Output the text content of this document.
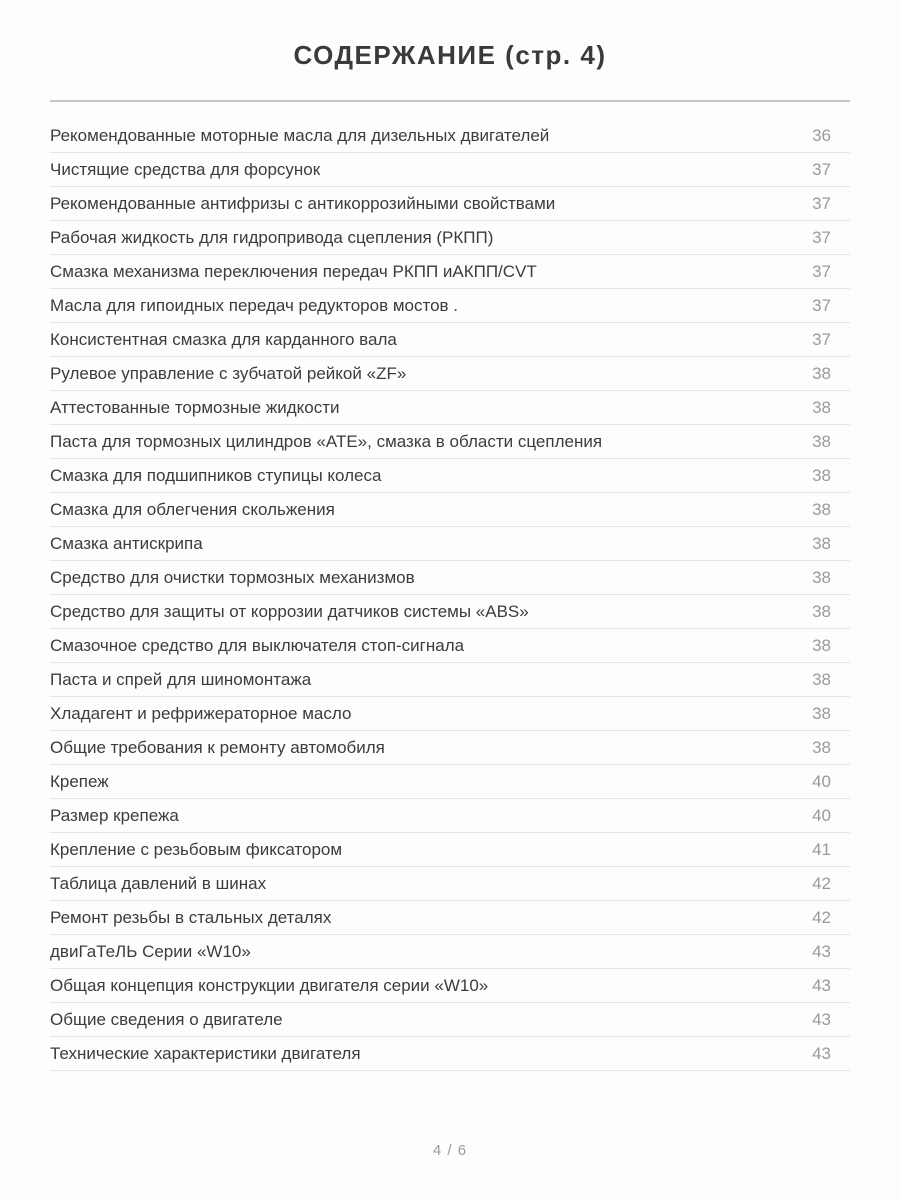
СОДЕРЖАНИЕ (стр. 4)
Рекомендованные моторные масла для дизельных двигателей	36
Чистящие средства для форсунок	37
Рекомендованные антифризы с антикоррозийными свойствами	37
Рабочая жидкость для гидропривода сцепления (РКПП)	37
Смазка механизма переключения передач РКПП иАКПП/CVT	37
Масла для гипоидных передач редукторов мостов .	37
Консистентная смазка для карданного вала	37
Рулевое управление с зубчатой рейкой «ZF»	38
Аттестованные тормозные жидкости	38
Паста для тормозных цилиндров «ATE», смазка в области сцепления	38
Смазка для подшипников ступицы колеса	38
Смазка для облегчения скольжения	38
Смазка антискрипа	38
Средство для очистки тормозных механизмов	38
Средство для защиты от коррозии датчиков системы «ABS»	38
Смазочное средство для выключателя стоп-сигнала	38
Паста и спрей для шиномонтажа	38
Хладагент и рефрижераторное масло	38
Общие требования к ремонту автомобиля	38
Крепеж	40
Размер крепежа	40
Крепление с резьбовым фиксатором	41
Таблица давлений в шинах	42
Ремонт резьбы в стальных деталях	42
двиГаТеЛЬ Серии «W10»	43
Общая концепция конструкции двигателя серии «W10»	43
Общие сведения о двигателе	43
Технические характеристики двигателя	43
4 / 6
